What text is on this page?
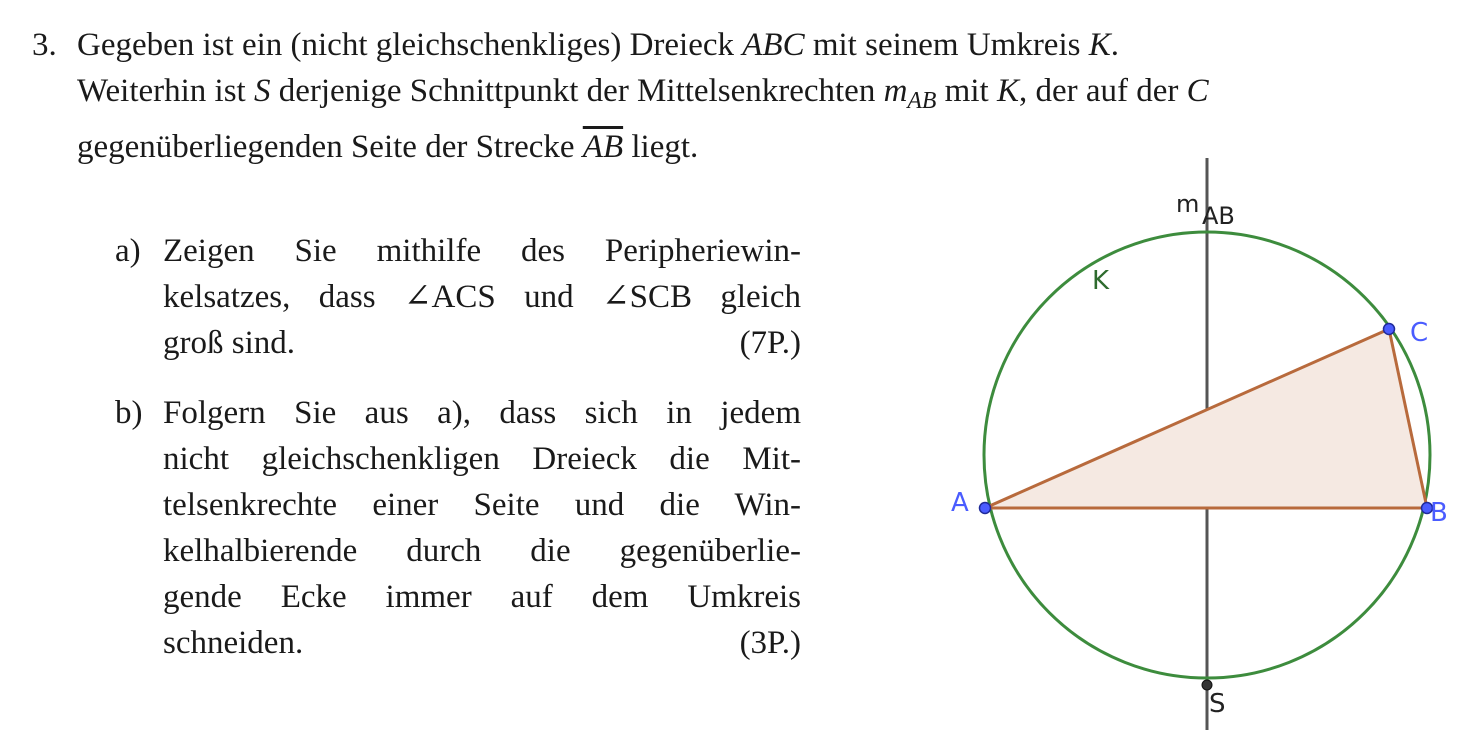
3. Gegeben ist ein (nicht gleichschenkliges) Dreieck ABC mit seinem Umkreis K.
Weiterhin ist S derjenige Schnittpunkt der Mittelsenkrechten $m_{AB}$ mit K, der auf der C
gegenüberliegenden Seite der Strecke $\overline{AB}$ liegt.
a) Zeigen Sie mithilfe des Peripheriewin-
kelsatzes, dass ∠ACS und ∠SCB gleich
groß sind.	(7P.)
b) Folgern Sie aus a), dass sich in jedem
nicht gleichschenkligen Dreieck die Mit-
telsenkrechte einer Seite und die Win-
kelhalbierende durch die gegenüberlie-
gende Ecke immer auf dem Umkreis
schneiden.	(3P.)
m AB
K
A	B
C
S
